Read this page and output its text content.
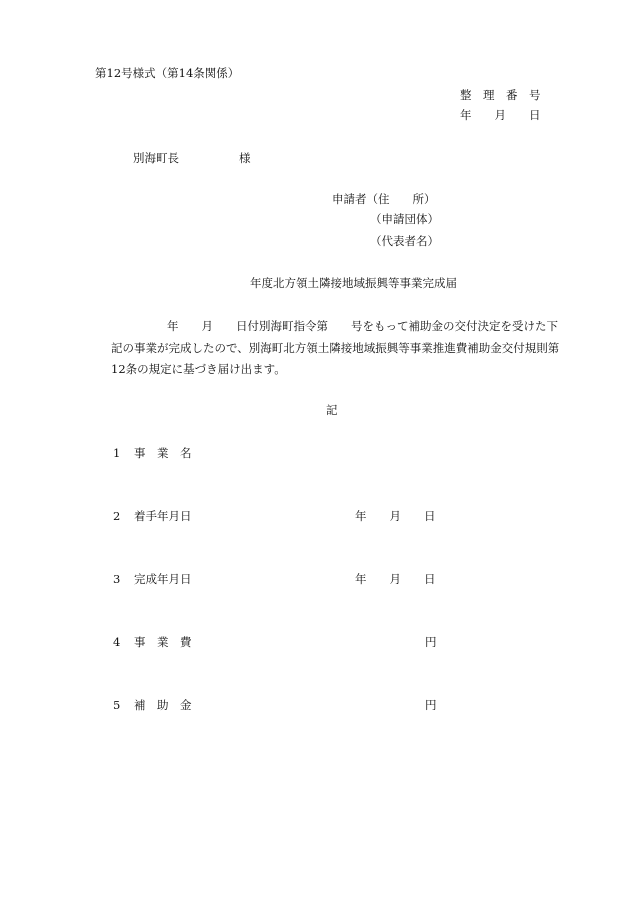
第12号様式（第14条関係）
整　理　番　号
年　　月　　日
別海町長	様
申請者（住　　所）
（申請団体）
（代表者名）
年度北方領土隣接地域振興等事業完成届
年　　月　　日付別海町指令第　　号をもって補助金の交付決定を受けた下
記の事業が完成したので、別海町北方領土隣接地域振興等事業推進費補助金交付規則第
12条の規定に基づき届け出ます。
記
1 事　業　名
2 着手年月日	年　　月　　日
3 完成年月日	年　　月　　日
4 事　業　費	円
5 補　助　金	円
